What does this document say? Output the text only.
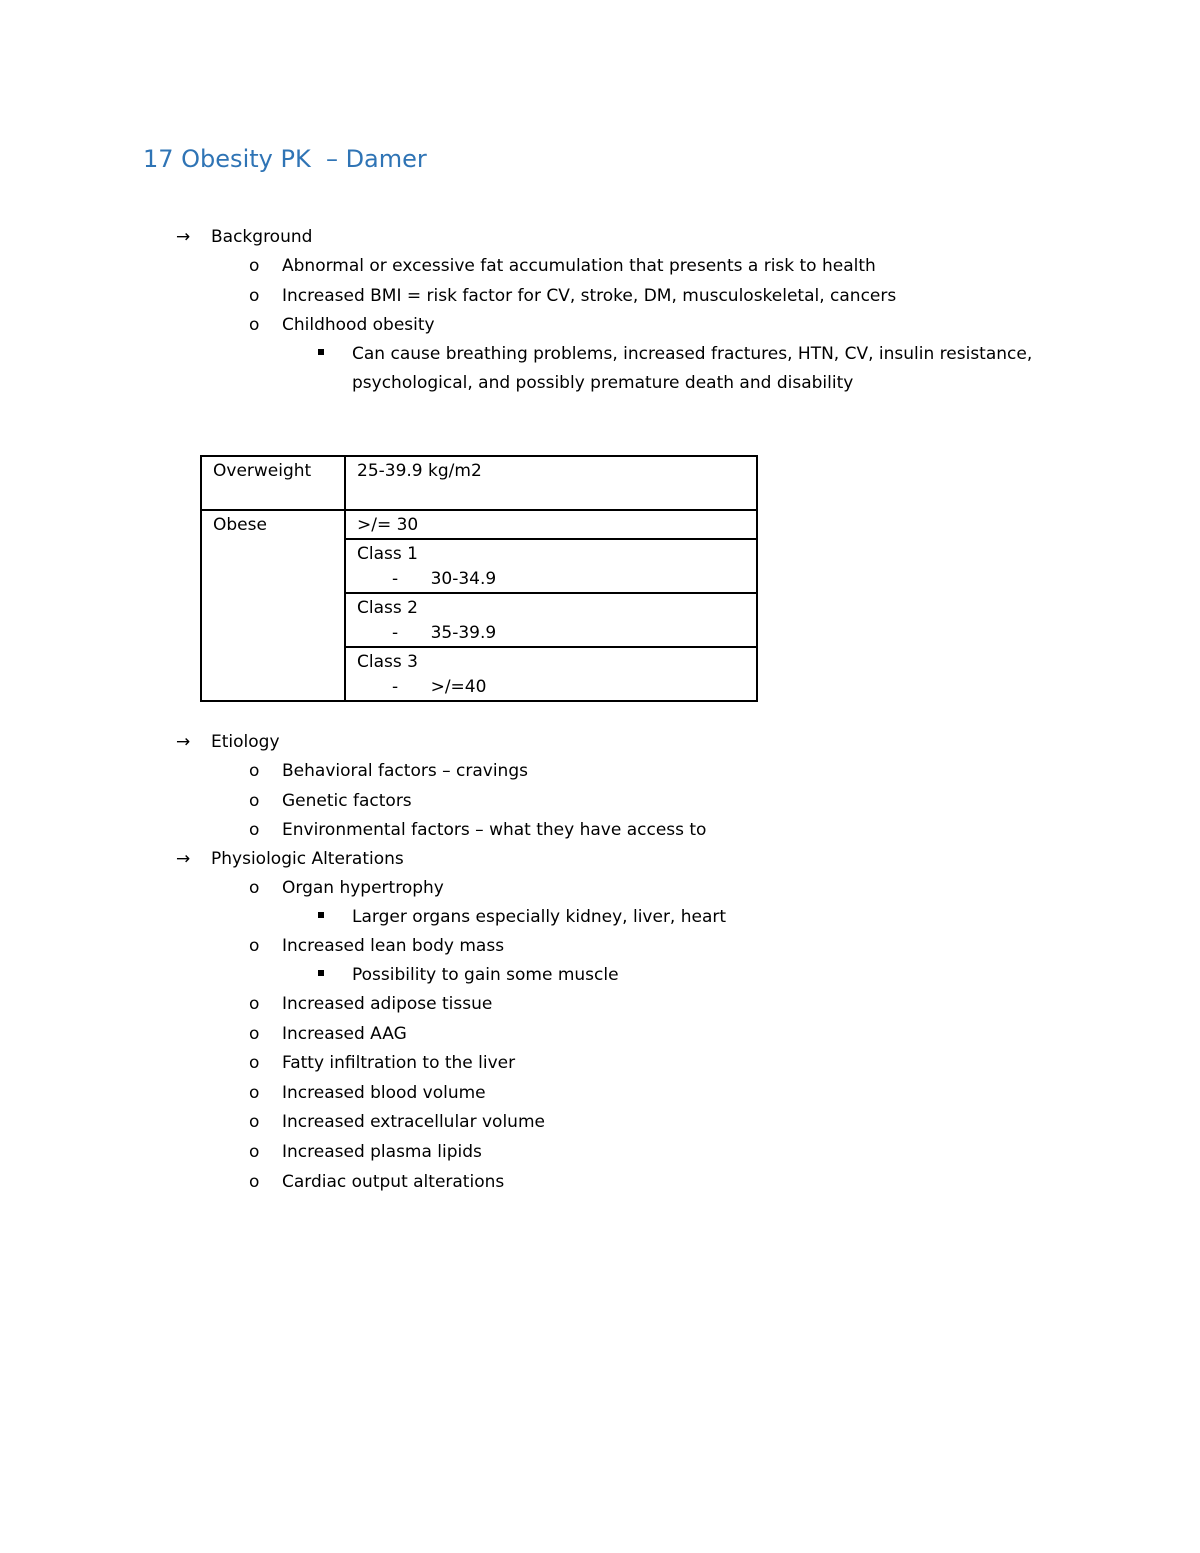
17 Obesity PK  – Damer
→ Background
o Abnormal or excessive fat accumulation that presents a risk to health
o Increased BMI = risk factor for CV, stroke, DM, musculoskeletal, cancers
o Childhood obesity
Can cause breathing problems, increased fractures, HTN, CV, insulin resistance,
psychological, and possibly premature death and disability
Overweight	25-39.9 kg/m2
Obese	>/= 30

	Class 1
- 30-34.9

	Class 2
- 35-39.9

	Class 3
- >/=40
→ Etiology
o Behavioral factors – cravings
o Genetic factors
o Environmental factors – what they have access to
→ Physiologic Alterations
o Organ hypertrophy
Larger organs especially kidney, liver, heart
o Increased lean body mass
Possibility to gain some muscle
o Increased adipose tissue
o Increased AAG
o Fatty infiltration to the liver
o Increased blood volume
o Increased extracellular volume
o Increased plasma lipids
o Cardiac output alterations
